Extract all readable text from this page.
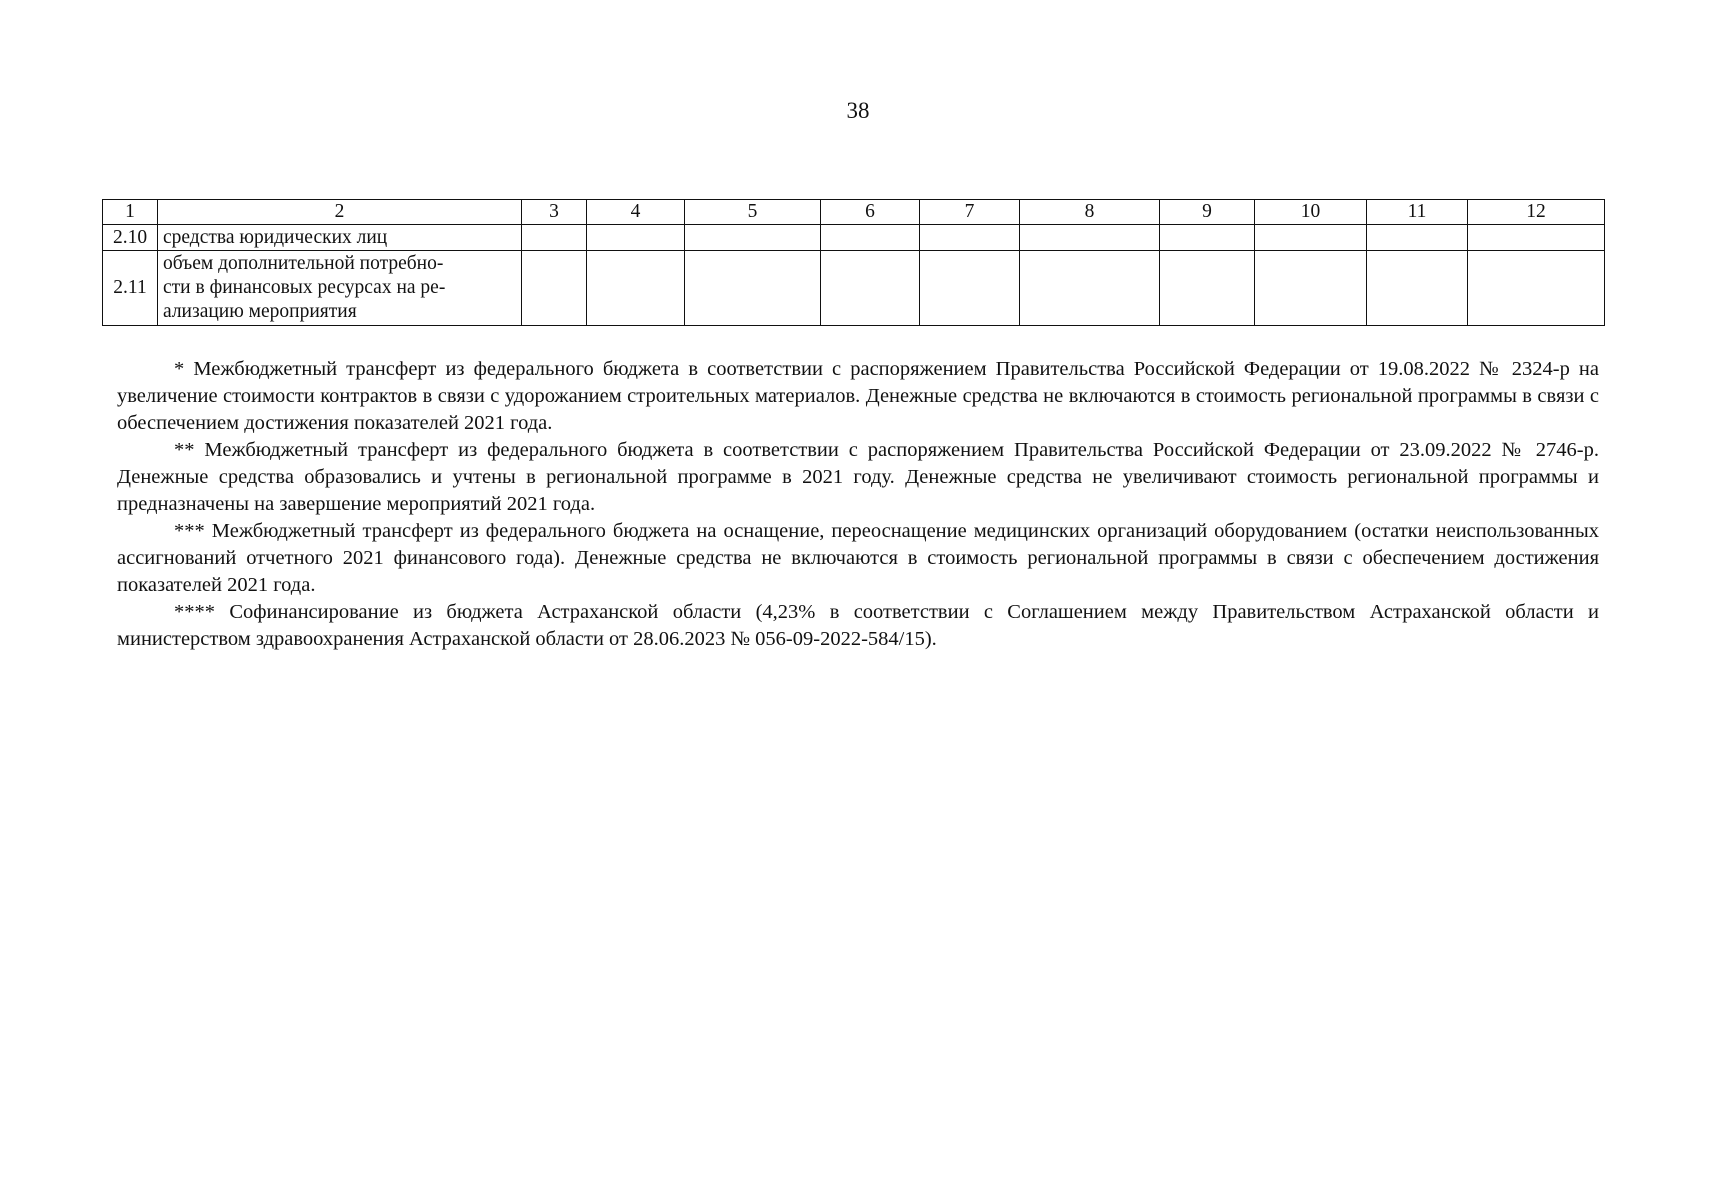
38
1	2	3	4	5	6	7	8	9	10	11	12
2.10	средства юридических лиц										
2.11	объем дополнительной потребно-
сти в финансовых ресурсах на ре-
ализацию мероприятия										

* Межбюджетный трансферт из федерального бюджета в соответствии с распоряжением Правительства Российской Федерации от 19.08.2022 № 2324-р на увеличение стоимости контрактов в связи с удорожанием строительных материалов. Денежные средства не включаются в стоимость региональной программы в связи с обеспечением достижения показателей 2021 года.

** Межбюджетный трансферт из федерального бюджета в соответствии с распоряжением Правительства Российской Федерации от 23.09.2022 № 2746-р. Денежные средства образовались и учтены в региональной программе в 2021 году. Денежные средства не увеличивают стоимость региональной программы и предназначены на завершение мероприятий 2021 года.

*** Межбюджетный трансферт из федерального бюджета на оснащение, переоснащение медицинских организаций оборудованием (остатки неиспользованных ассигнований отчетного 2021 финансового года). Денежные средства не включаются в стоимость региональной программы в связи с обеспечением достижения показателей 2021 года.

**** Софинансирование из бюджета Астраханской области (4,23% в соответствии с Соглашением между Правительством Астраханской области и министерством здравоохранения Астраханской области от 28.06.2023 № 056-09-2022-584/15).
